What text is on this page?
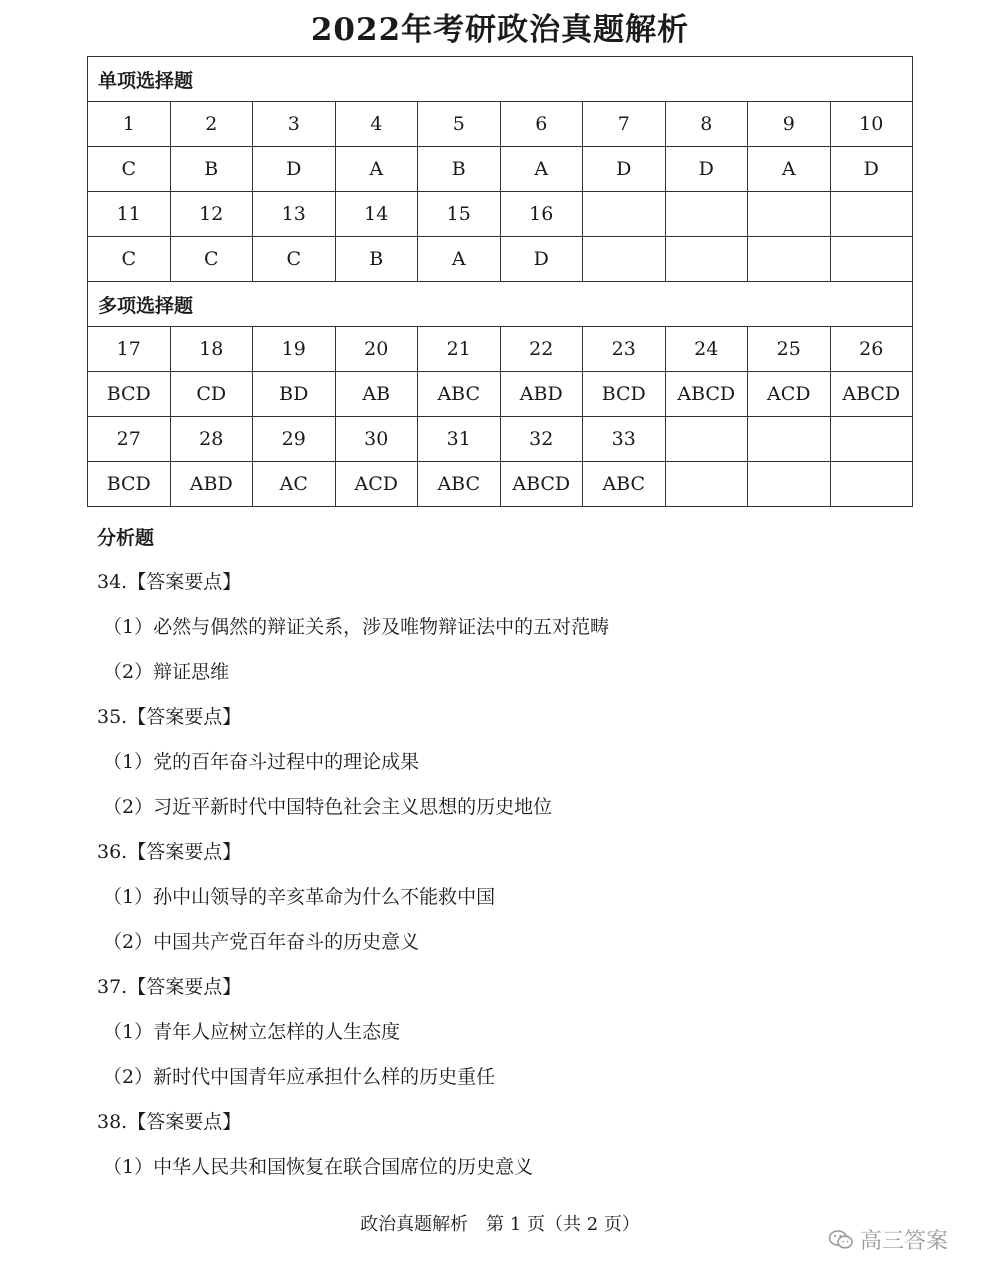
2022年考研政治真题解析
单项选择题									
1	2	3	4	5	6	7	8	9	10
C	B	D	A	B	A	D	D	A	D
11	12	13	14	15	16				
C	C	C	B	A	D				
多项选择题									
17	18	19	20	21	22	23	24	25	26
BCD	CD	BD	AB	ABC	ABD	BCD	ABCD	ACD	ABCD
27	28	29	30	31	32	33			
BCD	ABD	AC	ACD	ABC	ABCD	ABC			
分析题
34.【答案要点】
（1）必然与偶然的辩证关系，涉及唯物辩证法中的五对范畴
（2）辩证思维
35.【答案要点】
（1）党的百年奋斗过程中的理论成果
（2）习近平新时代中国特色社会主义思想的历史地位
36.【答案要点】
（1）孙中山领导的辛亥革命为什么不能救中国
（2）中国共产党百年奋斗的历史意义
37.【答案要点】
（1）青年人应树立怎样的人生态度
（2）新时代中国青年应承担什么样的历史重任
38.【答案要点】
（1）中华人民共和国恢复在联合国席位的历史意义
政治真题解析　第 1 页（共 2 页）
高三答案
